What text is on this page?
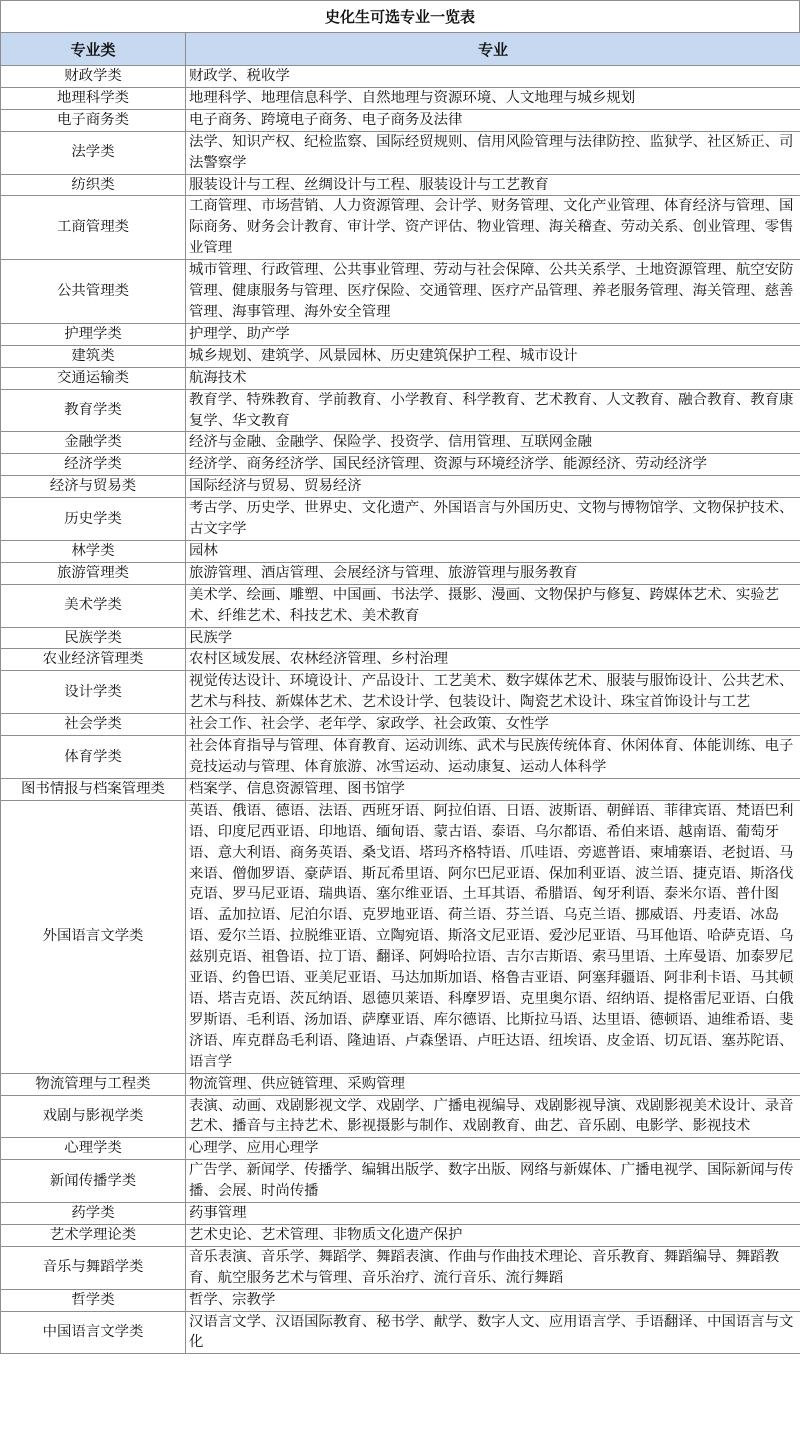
史化生可选专业一览表
专业类	专业
财政学类	财政学、税收学
地理科学类	地理科学、地理信息科学、自然地理与资源环境、人文地理与城乡规划
电子商务类	电子商务、跨境电子商务、电子商务及法律
法学类	法学、知识产权、纪检监察、国际经贸规则、信用风险管理与法律防控、监狱学、社区矫正、司法警察学
纺织类	服装设计与工程、丝绸设计与工程、服装设计与工艺教育
工商管理类	工商管理、市场营销、人力资源管理、会计学、财务管理、文化产业管理、体育经济与管理、国际商务、财务会计教育、审计学、资产评估、物业管理、海关稽查、劳动关系、创业管理、零售业管理
公共管理类	城市管理、行政管理、公共事业管理、劳动与社会保障、公共关系学、土地资源管理、航空安防管理、健康服务与管理、医疗保险、交通管理、医疗产品管理、养老服务管理、海关管理、慈善管理、海事管理、海外安全管理
护理学类	护理学、助产学
建筑类	城乡规划、建筑学、风景园林、历史建筑保护工程、城市设计
交通运输类	航海技术
教育学类	教育学、特殊教育、学前教育、小学教育、科学教育、艺术教育、人文教育、融合教育、教育康复学、华文教育
金融学类	经济与金融、金融学、保险学、投资学、信用管理、互联网金融
经济学类	经济学、商务经济学、国民经济管理、资源与环境经济学、能源经济、劳动经济学
经济与贸易类	国际经济与贸易、贸易经济
历史学类	考古学、历史学、世界史、文化遗产、外国语言与外国历史、文物与博物馆学、文物保护技术、古文字学
林学类	园林
旅游管理类	旅游管理、酒店管理、会展经济与管理、旅游管理与服务教育
美术学类	美术学、绘画、雕塑、中国画、书法学、摄影、漫画、文物保护与修复、跨媒体艺术、实验艺术、纤维艺术、科技艺术、美术教育
民族学类	民族学
农业经济管理类	农村区域发展、农林经济管理、乡村治理
设计学类	视觉传达设计、环境设计、产品设计、工艺美术、数字媒体艺术、服装与服饰设计、公共艺术、艺术与科技、新媒体艺术、艺术设计学、包装设计、陶瓷艺术设计、珠宝首饰设计与工艺
社会学类	社会工作、社会学、老年学、家政学、社会政策、女性学
体育学类	社会体育指导与管理、体育教育、运动训练、武术与民族传统体育、休闲体育、体能训练、电子竞技运动与管理、体育旅游、冰雪运动、运动康复、运动人体科学
图书情报与档案管理类	档案学、信息资源管理、图书馆学
外国语言文学类	英语、俄语、德语、法语、西班牙语、阿拉伯语、日语、波斯语、朝鲜语、菲律宾语、梵语巴利语、印度尼西亚语、印地语、缅甸语、蒙古语、泰语、乌尔都语、希伯来语、越南语、葡萄牙语、意大利语、商务英语、桑戈语、塔玛齐格特语、爪哇语、旁遮普语、柬埔寨语、老挝语、马来语、僧伽罗语、豪萨语、斯瓦希里语、阿尔巴尼亚语、保加利亚语、波兰语、捷克语、斯洛伐克语、罗马尼亚语、瑞典语、塞尔维亚语、土耳其语、希腊语、匈牙利语、泰米尔语、普什图语、孟加拉语、尼泊尔语、克罗地亚语、荷兰语、芬兰语、乌克兰语、挪威语、丹麦语、冰岛语、爱尔兰语、拉脱维亚语、立陶宛语、斯洛文尼亚语、爱沙尼亚语、马耳他语、哈萨克语、乌兹别克语、祖鲁语、拉丁语、翻译、阿姆哈拉语、吉尔吉斯语、索马里语、土库曼语、加泰罗尼亚语、约鲁巴语、亚美尼亚语、马达加斯加语、格鲁吉亚语、阿塞拜疆语、阿非利卡语、马其顿语、塔吉克语、茨瓦纳语、恩德贝莱语、科摩罗语、克里奥尔语、绍纳语、提格雷尼亚语、白俄罗斯语、毛利语、汤加语、萨摩亚语、库尔德语、比斯拉马语、达里语、德顿语、迪维希语、斐济语、库克群岛毛利语、隆迪语、卢森堡语、卢旺达语、纽埃语、皮金语、切瓦语、塞苏陀语、语言学
物流管理与工程类	物流管理、供应链管理、采购管理
戏剧与影视学类	表演、动画、戏剧影视文学、戏剧学、广播电视编导、戏剧影视导演、戏剧影视美术设计、录音艺术、播音与主持艺术、影视摄影与制作、戏剧教育、曲艺、音乐剧、电影学、影视技术
心理学类	心理学、应用心理学
新闻传播学类	广告学、新闻学、传播学、编辑出版学、数字出版、网络与新媒体、广播电视学、国际新闻与传播、会展、时尚传播
药学类	药事管理
艺术学理论类	艺术史论、艺术管理、非物质文化遗产保护
音乐与舞蹈学类	音乐表演、音乐学、舞蹈学、舞蹈表演、作曲与作曲技术理论、音乐教育、舞蹈编导、舞蹈教育、航空服务艺术与管理、音乐治疗、流行音乐、流行舞蹈
哲学类	哲学、宗教学
中国语言文学类	汉语言文学、汉语国际教育、秘书学、献学、数字人文、应用语言学、手语翻译、中国语言与文化
